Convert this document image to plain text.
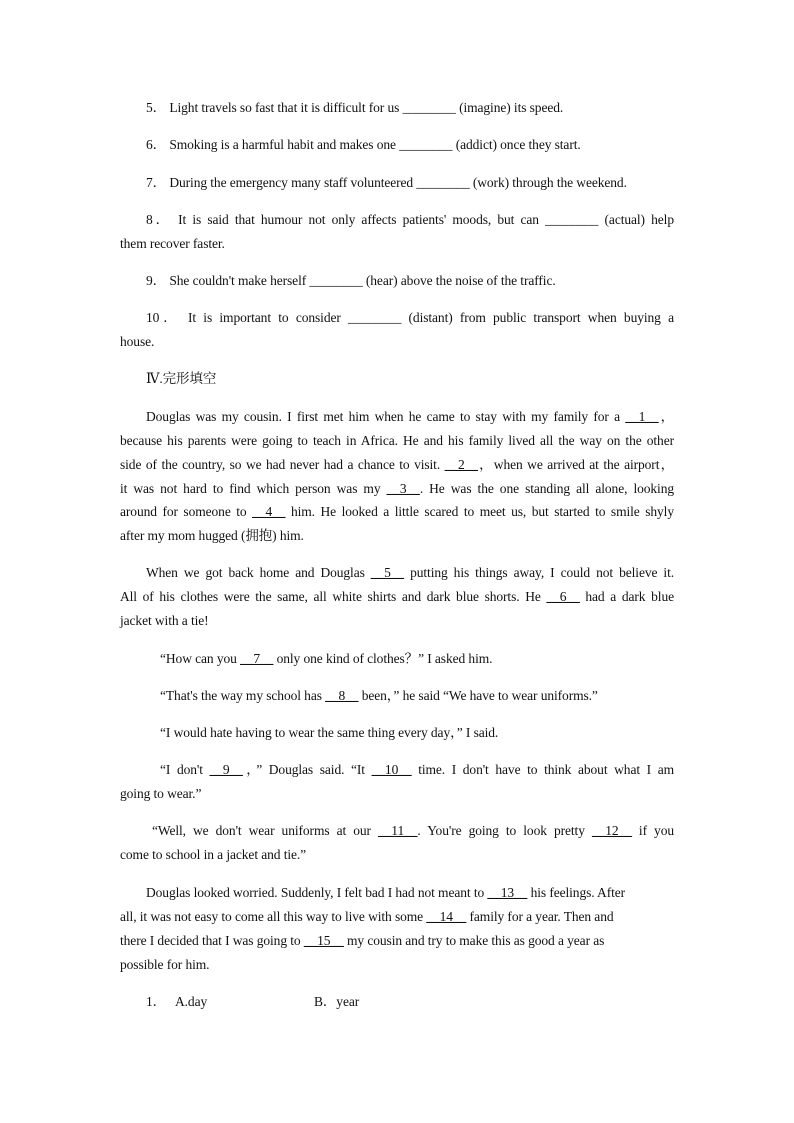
5． Light travels so fast that it is difficult for us ________ (imagine) its speed.
6． Smoking is a harmful habit and makes one ________ (addict) once they start.
7． During the emergency many staff volunteered ________ (work) through the weekend.
8． It is said that humour not only affects patients' moods, but can ________ (actual) help
them recover faster.
9． She couldn't make herself ________ (hear) above the noise of the traffic.
10． It is important to consider ________ (distant) from public transport when buying a
house.
Ⅳ.完形填空
Douglas was my cousin. I first met him when he came to stay with my family for a __1__，
because his parents were going to teach in Africa. He and his family lived all the way on the other
side of the country, so we had never had a chance to visit. __2__，when we arrived at the airport，
it was not hard to find which person was my __3__. He was the one standing all alone, looking
around for someone to __4__ him. He looked a little scared to meet us, but started to smile shyly
after my mom hugged (拥抱) him.
When we got back home and Douglas __5__ putting his things away, I could not believe it.
All of his clothes were the same, all white shirts and dark blue shorts. He __6__ had a dark blue
jacket with a tie!
“How can you __7__ only one kind of clothes？” I asked him.
“That's the way my school has __8__ been，” he said “We have to wear uniforms.”
“I would hate having to wear the same thing every day，” I said.
“I don't __9__，” Douglas said. “It __10__ time. I don't have to think about what I am
going to wear.”
“Well, we don't wear uniforms at our __11__. You're going to look pretty __12__ if you
come to school in a jacket and tie.”
Douglas looked worried. Suddenly, I felt bad I had not meant to __13__ his feelings. After
all, it was not easy to come all this way to live with some __14__ family for a year. Then and
there I decided that I was going to __15__ my cousin and try to make this as good a year as
possible for him.
1． A.day	B．year
